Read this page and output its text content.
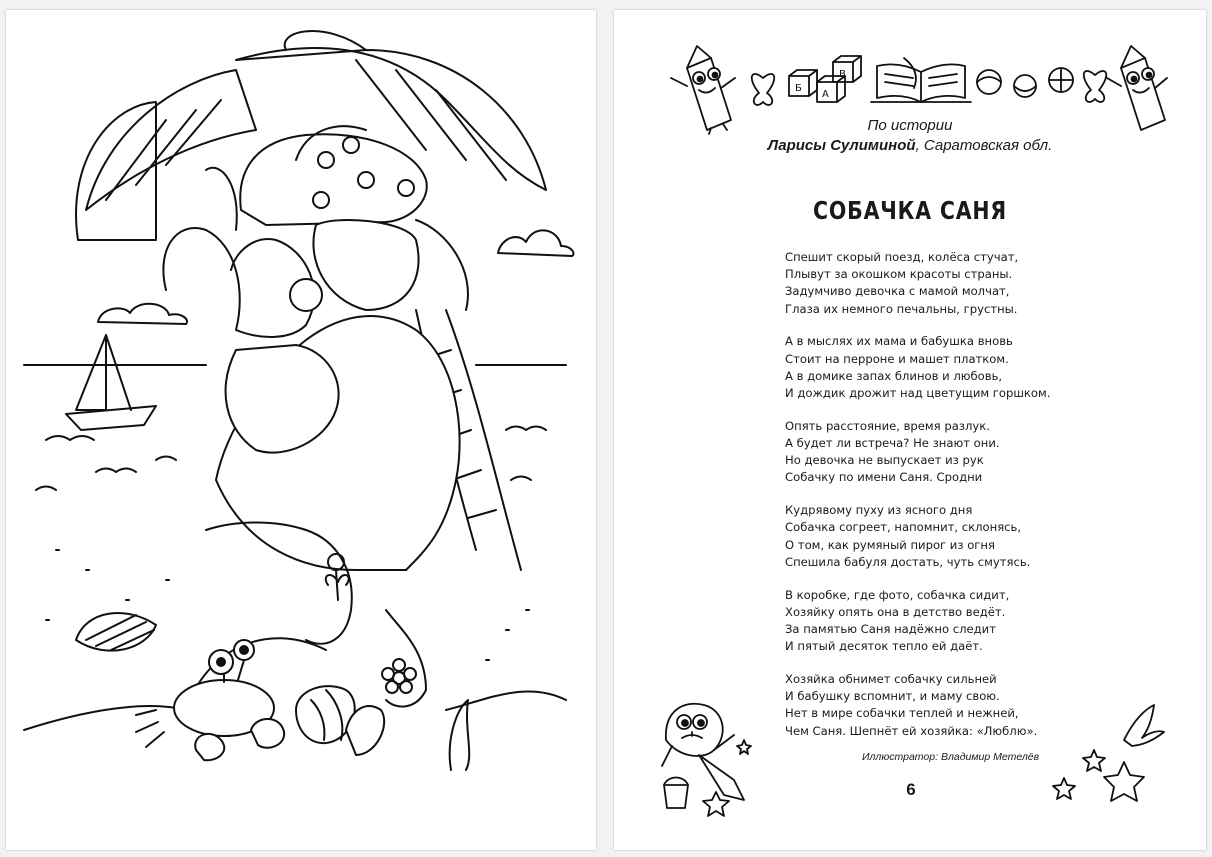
Б
А
В
По истории
Ларисы Сулиминой, Саратовская обл.
СОБАЧКА САНЯ
Спешит скорый поезд, колёса стучат,
Плывут за окошком красоты страны.
Задумчиво девочка с мамой молчат,
Глаза их немного печальны, грустны.
А в мыслях их мама и бабушка вновь
Стоит на перроне и машет платком.
А в домике запах блинов и любовь,
И дождик дрожит над цветущим горшком.
Опять расстояние, время разлук.
А будет ли встреча? Не знают они.
Но девочка не выпускает из рук
Собачку по имени Саня. Сродни
Кудрявому пуху из ясного дня
Собачка согреет, напомнит, склонясь,
О том, как румяный пирог из огня
Спешила бабуля достать, чуть смутясь.
В коробке, где фото, собачка сидит,
Хозяйку опять она в детство ведёт.
За памятью Саня надёжно следит
И пятый десяток тепло ей даёт.
Хозяйка обнимет собачку сильней
И бабушку вспомнит, и маму свою.
Нет в мире собачки теплей и нежней,
Чем Саня. Шепнёт ей хозяйка: «Люблю».
Иллюстратор: Владимир Метелёв
6
